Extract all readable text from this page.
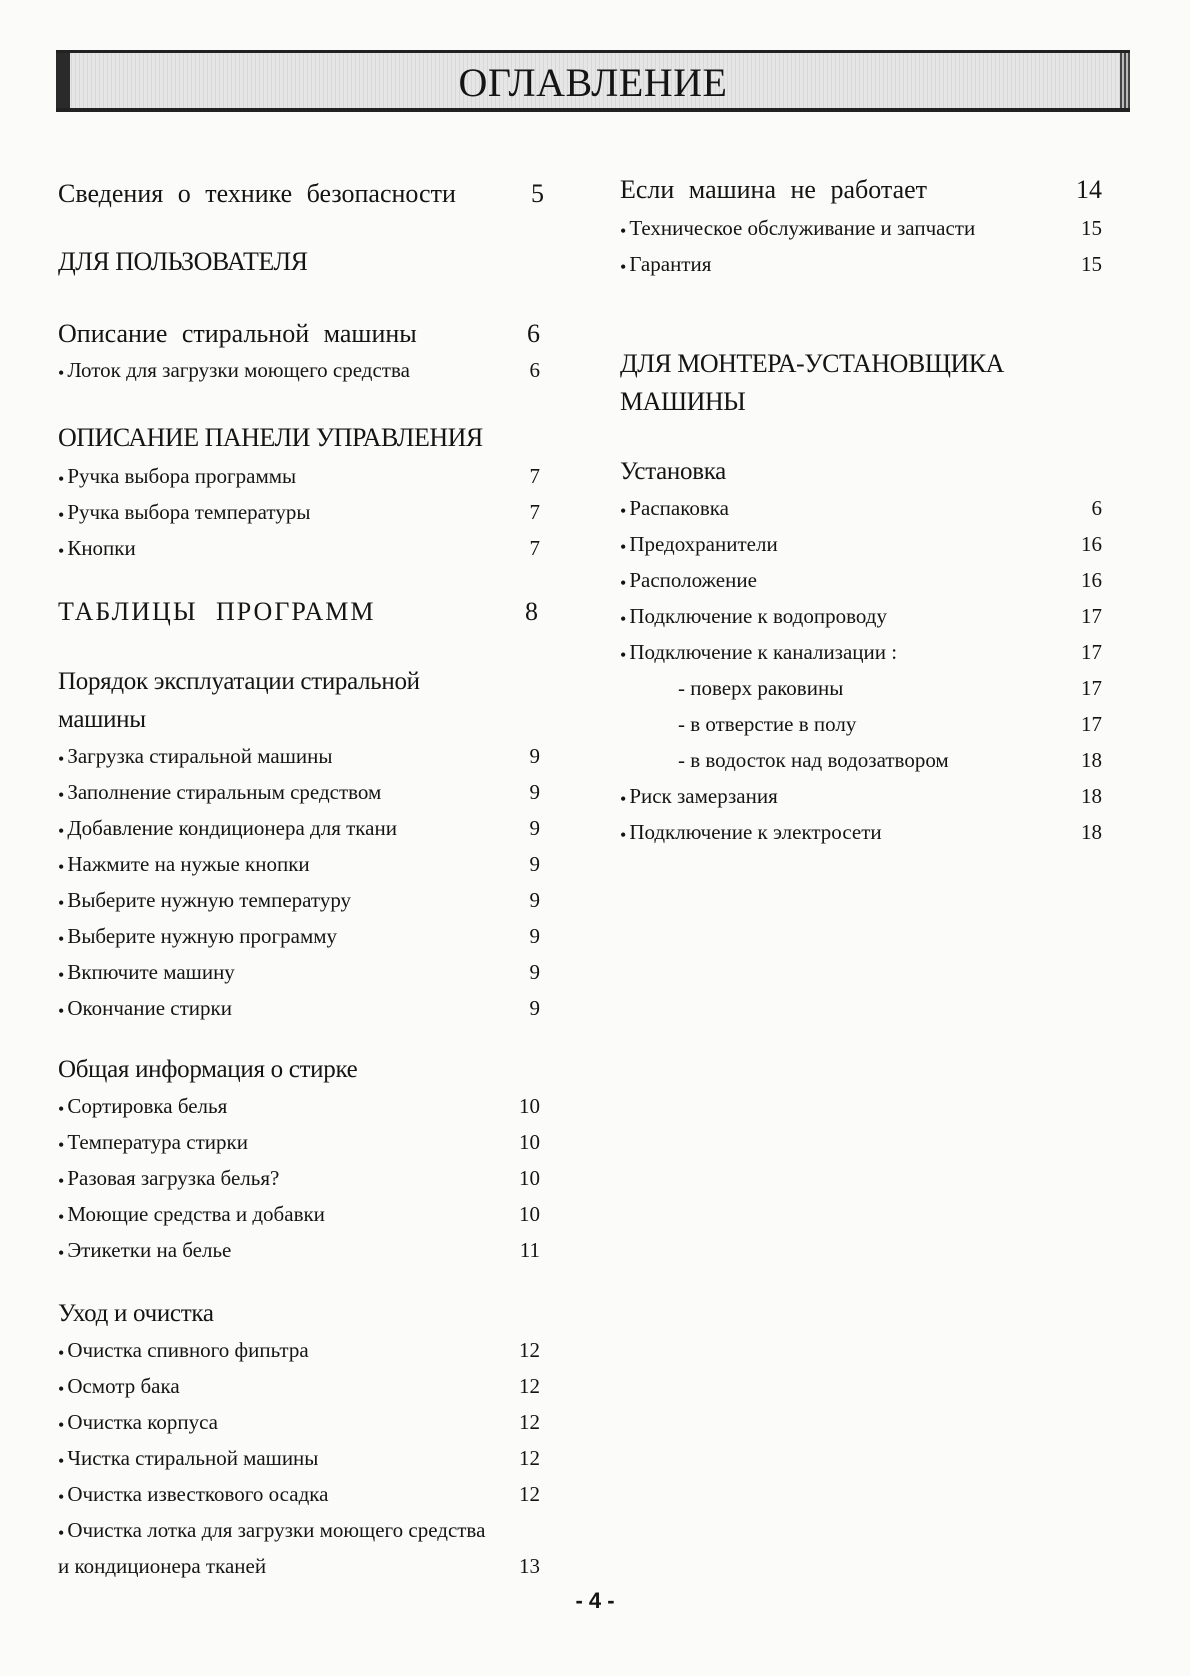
ОГЛАВЛЕНИЕ
Сведения о технике безопасности	5
ДЛЯ ПОЛЬЗОВАТЕЛЯ
Описание стиральной машины	6
• Лоток для загрузки моющего средства	6
ОПИСАНИЕ ПАНЕЛИ УПРАВЛЕНИЯ
• Ручка выбора программы	7
• Ручка выбора температуры	7
• Кнопки	7
ТАБЛИЦЫ ПРОГРАММ	8
Порядок эксплуатации стиральной
машины
• Загрузка стиральной машины	9
• Заполнение стиральным средством	9
• Добавление кондиционера для ткани	9
• Нажмите на нужые кнопки	9
• Выберите нужную температуру	9
• Выберите нужную программу	9
• Вкпючите машину	9
• Окончание стирки	9
Общая информация о стирке
• Сортировка белья	10
• Температура стирки	10
• Разовая загрузка белья?	10
• Моющие средства и добавки	10
• Этикетки на белье	11
Уход и очистка
• Очистка спивного фипьтра	12
• Осмотр бака	12
• Очистка корпуса	12
• Чистка стиральной машины	12
• Очистка известкового осадка	12
• Очистка лотка для загрузки моющего средства
и кондиционера тканей	13
Если машина не работает	14
• Техническое обслуживание и запчасти	15
• Гарантия	15
ДЛЯ МОНТЕРА-УСТАНОВЩИКА
МАШИНЫ
Установка
• Распаковка	6
• Предохранители	16
• Расположение	16
• Подключение к водопроводу	17
• Подключение к канализации :	17
- поверх раковины	17
- в отверстие в полу	17
- в водосток над водозатвором	18
• Риск замерзания	18
• Подключение к электросети	18
- 4 -
